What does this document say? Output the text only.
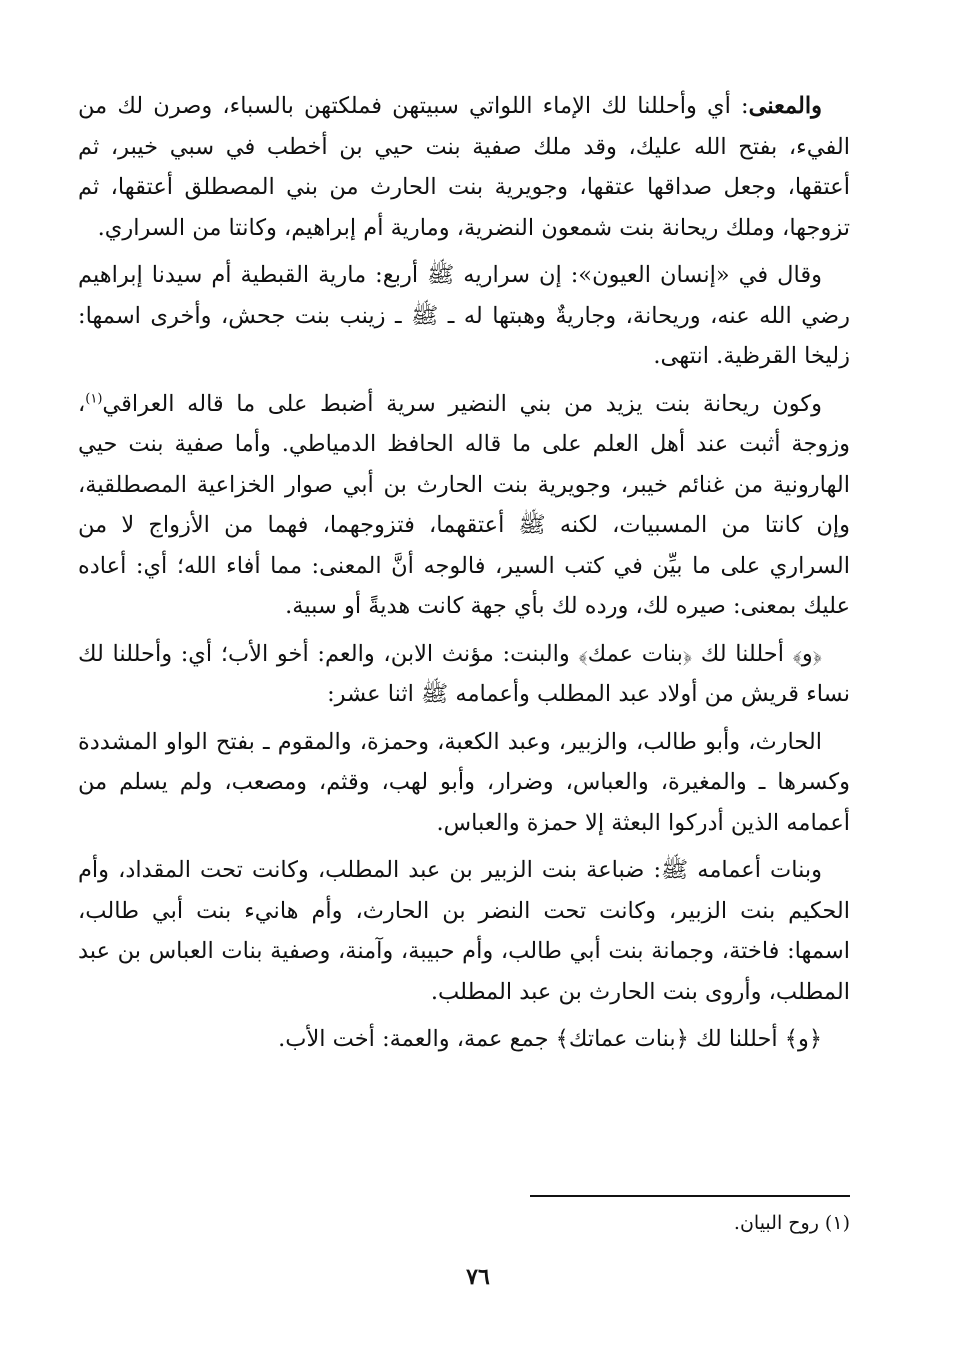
والمعنى: أي وأحللنا لك الإماء اللواتي سبيتهن فملكتهن بالسباء، وصرن لك من الفيء، بفتح الله عليك، وقد ملك صفية بنت حيي بن أخطب في سبي خيبر، ثم أعتقها، وجعل صداقها عتقها، وجويرية بنت الحارث من بني المصطلق أعتقها، ثم تزوجها، وملك ريحانة بنت شمعون النضرية، ومارية أم إبراهيم، وكانتا من السراري.

وقال في «إنسان العيون»: إن سراريه ﷺ أربع: مارية القبطية أم سيدنا إبراهيم رضي الله عنه، وريحانة، وجاريةٌ وهبتها له ـ ﷺ ـ زينب بنت جحش، وأخرى اسمها: زليخا القرظية. انتهى.

وكون ريحانة بنت يزيد من بني النضير سرية أضبط على ما قاله العراقي$^{(١)}$، وزوجة أثبت عند أهل العلم على ما قاله الحافظ الدمياطي. وأما صفية بنت حيي الهارونية من غنائم خيبر، وجويرية بنت الحارث بن أبي صوار الخزاعية المصطلقية، وإن كانتا من المسبيات، لكنه ﷺ أعتقهما، فتزوجهما، فهما من الأزواج لا من السراري على ما بيِّن في كتب السير، فالوجه أنَّ المعنى: مما أفاء الله؛ أي: أعاده عليك بمعنى: صيره لك، ورده لك بأي جهة كانت هديةً أو سبية.

﴿و﴾ أحللنا لك ﴿بنات عمك﴾ والبنت: مؤنث الابن، والعم: أخو الأب؛ أي: وأحللنا لك نساء قريش من أولاد عبد المطلب وأعمامه ﷺ اثنا عشر:

الحارث، وأبو طالب، والزبير، وعبد الكعبة، وحمزة، والمقوم ـ بفتح الواو المشددة وكسرها ـ والمغيرة، والعباس، وضرار، وأبو لهب، وقثم، ومصعب، ولم يسلم من أعمامه الذين أدركوا البعثة إلا حمزة والعباس.

وبنات أعمامه ﷺ: ضباعة بنت الزبير بن عبد المطلب، وكانت تحت المقداد، وأم الحكيم بنت الزبير، وكانت تحت النضر بن الحارث، وأم هانيء بنت أبي طالب، اسمها: فاختة، وجمانة بنت أبي طالب، وأم حبيبة، وآمنة، وصفية بنات العباس بن عبد المطلب، وأروى بنت الحارث بن عبد المطلب.

﴿و﴾ أحللنا لك ﴿بنات عماتك﴾ جمع عمة، والعمة: أخت الأب.

(١) روح البيان.
٧٦
